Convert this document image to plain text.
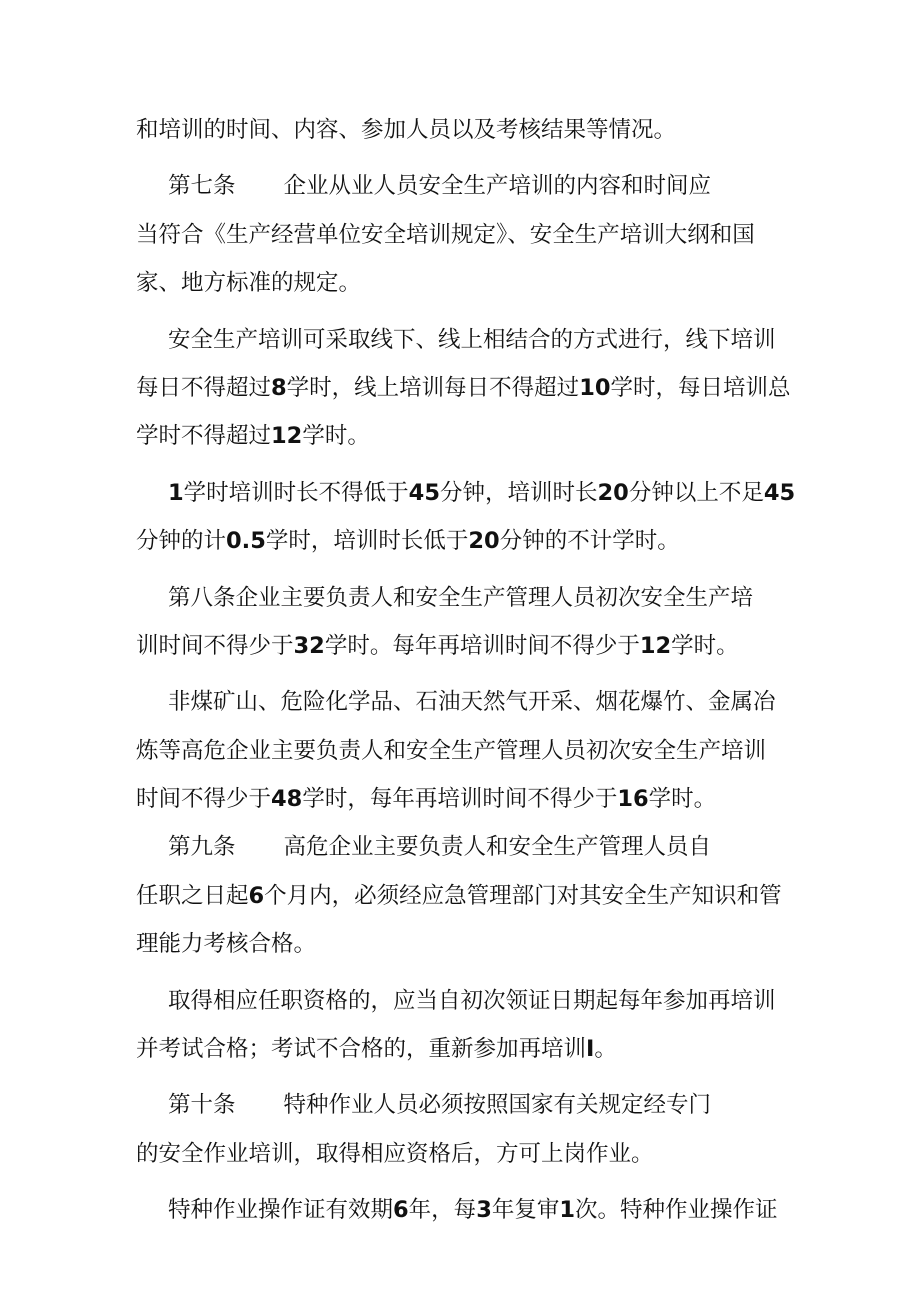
和培训的时间、内容、参加人员以及考核结果等情况。
第七条 企业从业人员安全生产培训的内容和时间应
当符合《生产经营单位安全培训规定》、安全生产培训大纲和国
家、地方标准的规定。
安全生产培训可采取线下、线上相结合的方式进行，线下培训
每日不得超过8学时，线上培训每日不得超过10学时，每日培训总
学时不得超过12学时。
1学时培训时长不得低于45分钟，培训时长20分钟以上不足45
分钟的计0.5学时，培训时长低于20分钟的不计学时。
第八条企业主要负责人和安全生产管理人员初次安全生产培
训时间不得少于32学时。每年再培训时间不得少于12学时。
非煤矿山、危险化学品、石油天然气开采、烟花爆竹、金属冶
炼等高危企业主要负责人和安全生产管理人员初次安全生产培训
时间不得少于48学时，每年再培训时间不得少于16学时。
第九条 高危企业主要负责人和安全生产管理人员自
任职之日起6个月内，必须经应急管理部门对其安全生产知识和管
理能力考核合格。
取得相应任职资格的，应当自初次领证日期起每年参加再培训
并考试合格；考试不合格的，重新参加再培训I。
第十条 特种作业人员必须按照国家有关规定经专门
的安全作业培训，取得相应资格后，方可上岗作业。
特种作业操作证有效期6年，每3年复审1次。特种作业操作证
